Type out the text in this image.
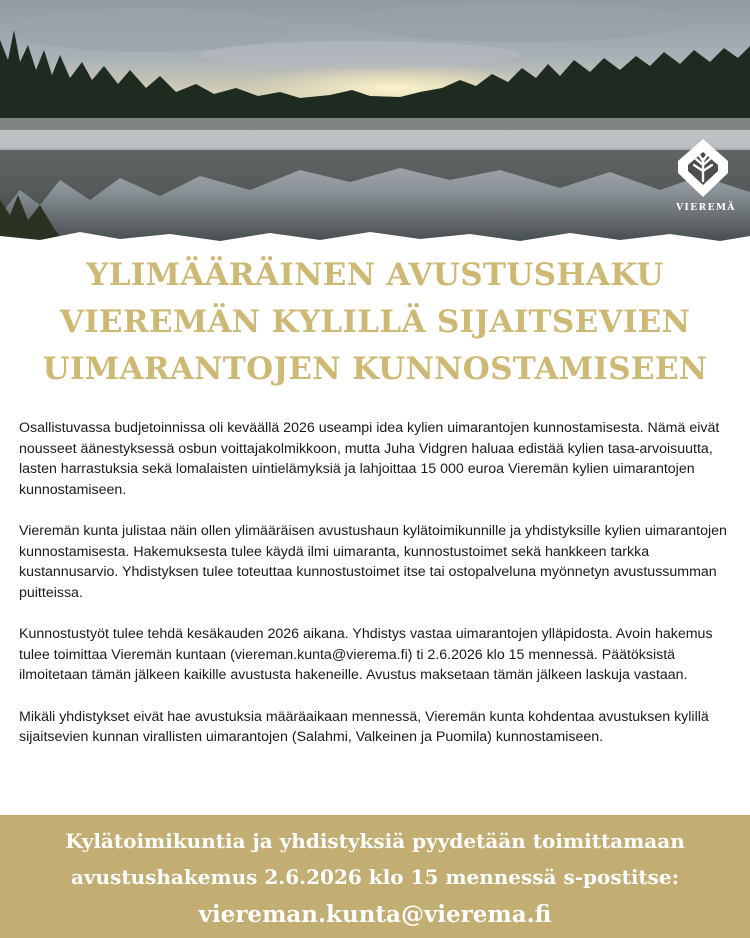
VIEREMÄ
YLIMÄÄRÄINEN AVUSTUSHAKU
VIEREMÄN KYLILLÄ SIJAITSEVIEN
UIMARANTOJEN KUNNOSTAMISEEN

Osallistuvassa budjetoinnissa oli keväällä 2026 useampi idea kylien uimarantojen kunnostamisesta. Nämä eivät nousseet äänestyksessä osbun voittajakolmikkoon, mutta Juha Vidgren haluaa edistää kylien tasa-arvoisuutta, lasten harrastuksia sekä lomalaisten uintielämyksiä ja lahjoittaa 15 000 euroa Vieremän kylien uimarantojen kunnostamiseen.

Vieremän kunta julistaa näin ollen ylimääräisen avustushaun kylätoimikunnille ja yhdistyksille kylien uimarantojen kunnostamisesta. Hakemuksesta tulee käydä ilmi uimaranta, kunnostustoimet sekä hankkeen tarkka kustannusarvio. Yhdistyksen tulee toteuttaa kunnostustoimet itse tai ostopalveluna myönnetyn avustussumman puitteissa.

Kunnostustyöt tulee tehdä kesäkauden 2026 aikana. Yhdistys vastaa uimarantojen ylläpidosta. Avoin hakemus tulee toimittaa Vieremän kuntaan (viereman.kunta@vierema.fi) ti 2.6.2026 klo 15 mennessä. Päätöksistä ilmoitetaan tämän jälkeen kaikille avustusta hakeneille. Avustus maksetaan tämän jälkeen laskuja vastaan.

Mikäli yhdistykset eivät hae avustuksia määräaikaan mennessä, Vieremän kunta kohdentaa avustuksen kylillä sijaitsevien kunnan virallisten uimarantojen (Salahmi, Valkeinen ja Puomila) kunnostamiseen.

Kylätoimikuntia ja yhdistyksiä pyydetään toimittamaan
avustushakemus 2.6.2026 klo 15 mennessä s-postitse:
viereman.kunta@vierema.fi
